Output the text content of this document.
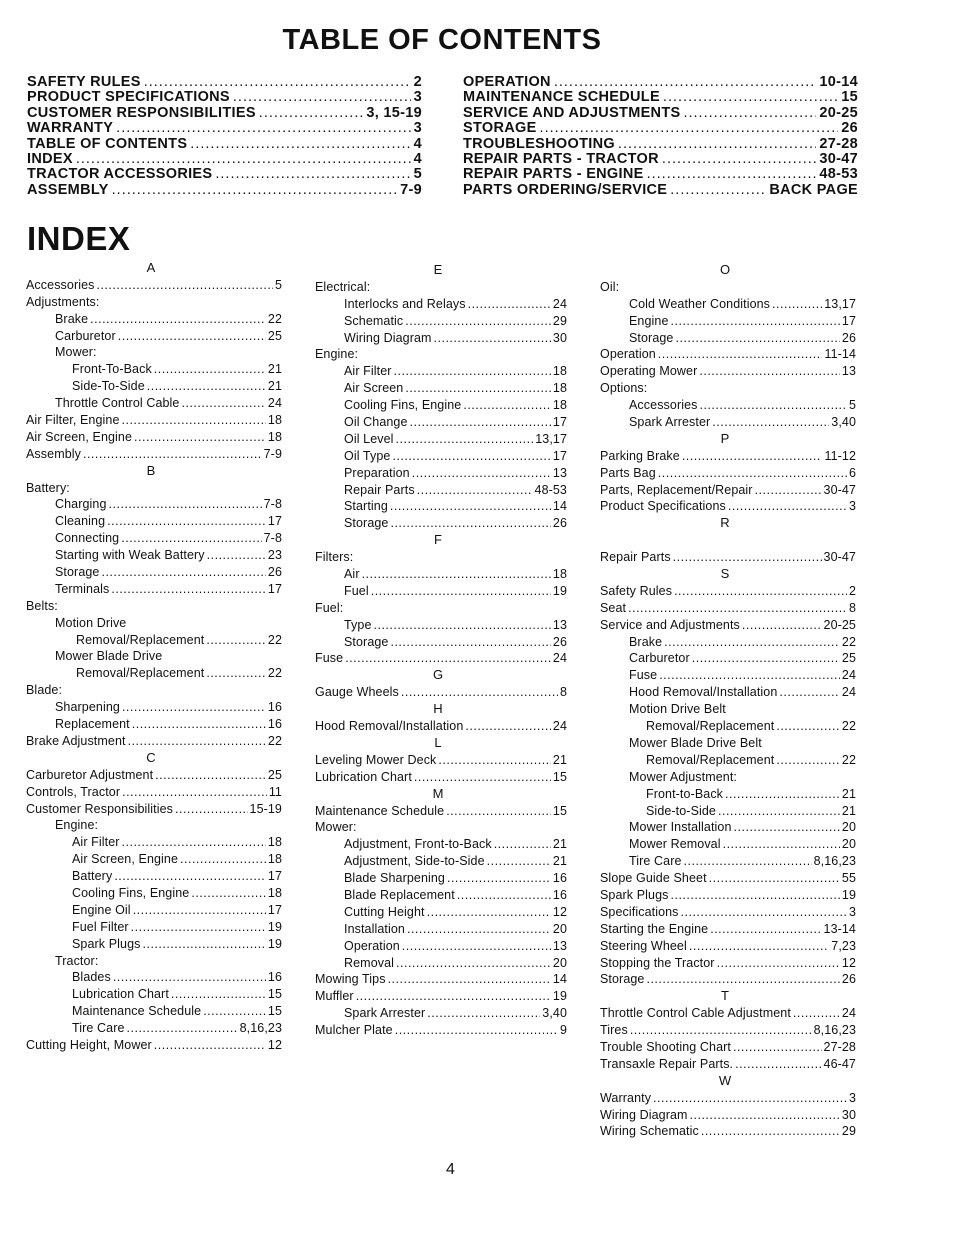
TABLE OF CONTENTS
SAFETY RULES .....	2
PRODUCT SPECIFICATIONS .....	3
CUSTOMER RESPONSIBILITIES .....	3, 15-19
WARRANTY .....	3
TABLE OF CONTENTS .....	4
INDEX .....	4
TRACTOR ACCESSORIES .....	5
ASSEMBLY .....	7-9
OPERATION .....	10-14
MAINTENANCE SCHEDULE .....	15
SERVICE AND ADJUSTMENTS .....	20-25
STORAGE .....	26
TROUBLESHOOTING .....	27-28
REPAIR PARTS - TRACTOR .....	30-47
REPAIR PARTS - ENGINE .....	48-53
PARTS ORDERING/SERVICE .....	BACK PAGE
INDEX
A
Accessories .....	5
Adjustments:
Brake .....	22
Carburetor .....	25
Mower:
Front-To-Back .....	21
Side-To-Side .....	21
Throttle Control Cable .....	24
Air Filter, Engine .....	18
Air Screen, Engine .....	18
Assembly .....	7-9
B
Battery:
Charging .....	7-8
Cleaning .....	17
Connecting .....	7-8
Starting with Weak Battery .....	23
Storage .....	26
Terminals .....	17
Belts:
Motion Drive
Removal/Replacement .....	22
Mower Blade Drive
Removal/Replacement .....	22
Blade:
Sharpening .....	16
Replacement .....	16
Brake Adjustment .....	22
C
Carburetor Adjustment .....	25
Controls, Tractor .....	11
Customer Responsibilities .....	15-19
Engine:
Air Filter .....	18
Air Screen, Engine .....	18
Battery .....	17
Cooling Fins, Engine .....	18
Engine Oil .....	17
Fuel Filter .....	19
Spark Plugs .....	19
Tractor:
Blades .....	16
Lubrication Chart .....	15
Maintenance Schedule .....	15
Tire Care .....	8,16,23
Cutting Height, Mower .....	12
E
Electrical:
Interlocks and Relays .....	24
Schematic .....	29
Wiring Diagram .....	30
Engine:
Air Filter .....	18
Air Screen .....	18
Cooling Fins, Engine .....	18
Oil Change .....	17
Oil Level .....	13,17
Oil Type .....	17
Preparation .....	13
Repair Parts .....	48-53
Starting .....	14
Storage .....	26
F
Filters:
Air .....	18
Fuel .....	19
Fuel:
Type .....	13
Storage .....	26
Fuse .....	24
G
Gauge Wheels .....	8
H
Hood Removal/Installation .....	24
L
Leveling Mower Deck .....	21
Lubrication Chart .....	15
M
Maintenance Schedule .....	15
Mower:
Adjustment, Front-to-Back .....	21
Adjustment, Side-to-Side .....	21
Blade Sharpening .....	16
Blade Replacement .....	16
Cutting Height .....	12
Installation .....	20
Operation .....	13
Removal .....	20
Mowing Tips .....	14
Muffler .....	19
Spark Arrester .....	3,40
Mulcher Plate .....	9
O
Oil:
Cold Weather Conditions .....	13,17
Engine .....	17
Storage .....	26
Operation .....	11-14
Operating Mower .....	13
Options:
Accessories .....	5
Spark Arrester .....	3,40
P
Parking Brake .....	11-12
Parts Bag .....	6
Parts, Replacement/Repair .....	30-47
Product Specifications .....	3
R
Repair Parts .....	30-47
S
Safety Rules .....	2
Seat .....	8
Service and Adjustments .....	20-25
Brake .....	22
Carburetor .....	25
Fuse .....	24
Hood Removal/Installation .....	24
Motion Drive Belt
Removal/Replacement .....	22
Mower Blade Drive Belt
Removal/Replacement .....	22
Mower Adjustment:
Front-to-Back .....	21
Side-to-Side .....	21
Mower Installation .....	20
Mower Removal .....	20
Tire Care .....	8,16,23
Slope Guide Sheet .....	55
Spark Plugs .....	19
Specifications .....	3
Starting the Engine .....	13-14
Steering Wheel .....	7,23
Stopping the Tractor .....	12
Storage .....	26
T
Throttle Control Cable Adjustment .....	24
Tires .....	8,16,23
Trouble Shooting Chart .....	27-28
Transaxle Repair Parts. .....	46-47
W
Warranty .....	3
Wiring Diagram .....	30
Wiring Schematic .....	29
4
